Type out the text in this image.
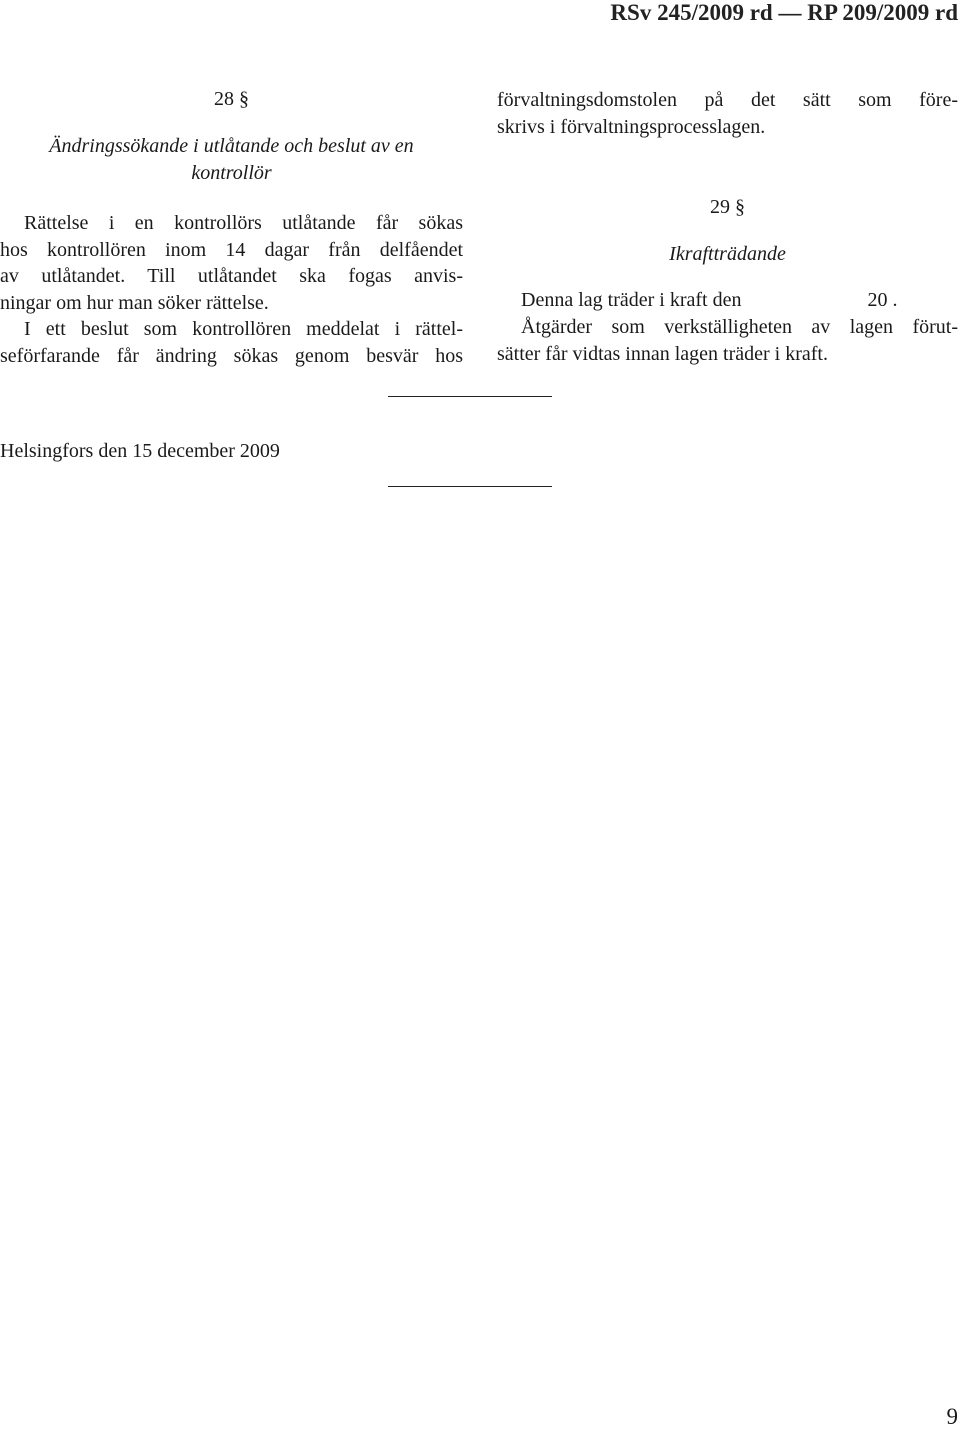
RSv 245/2009 rd — RP 209/2009 rd
28 §
Ändringssökande i utlåtande och beslut av en
kontrollör
Rättelse i en kontrollörs utlåtande får sökas
hos kontrollören inom 14 dagar från delfåendet
av utlåtandet. Till utlåtandet ska fogas anvis-
ningar om hur man söker rättelse.
I ett beslut som kontrollören meddelat i rättel-
seförfarande får ändring sökas genom besvär hos
förvaltningsdomstolen på det sätt som före-
skrivs i förvaltningsprocesslagen.
29 §
Ikraftträdande
Denna lag träder i kraft den	20 .
Åtgärder som verkställigheten av lagen förut-
sätter får vidtas innan lagen träder i kraft.
Helsingfors den 15 december 2009
9
